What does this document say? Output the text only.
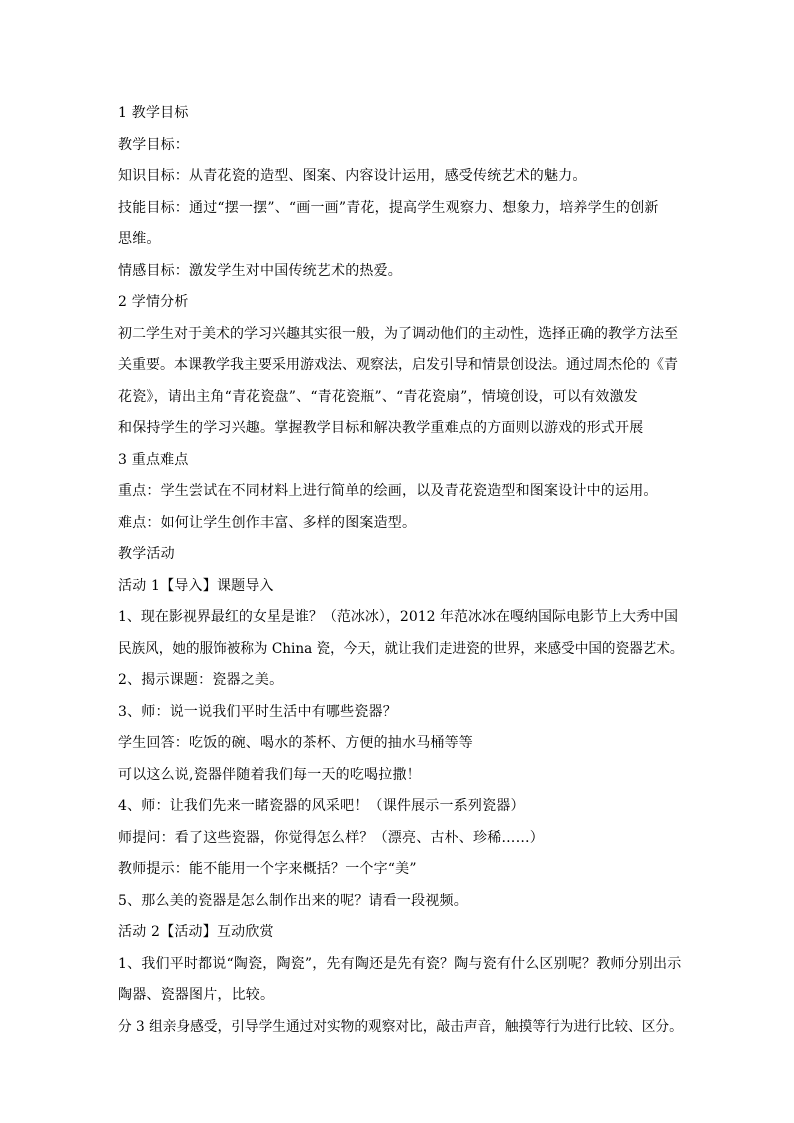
1 教学目标

教学目标：

知识目标：从青花瓷的造型、图案、内容设计运用，感受传统艺术的魅力。

技能目标：通过“摆一摆”、“画一画”青花，提高学生观察力、想象力，培养学生的创新

思维。

情感目标：激发学生对中国传统艺术的热爱。

2 学情分析

初二学生对于美术的学习兴趣其实很一般，为了调动他们的主动性，选择正确的教学方法至

关重要。本课教学我主要采用游戏法、观察法，启发引导和情景创设法。通过周杰伦的《青

花瓷》，请出主角“青花瓷盘”、“青花瓷瓶”、“青花瓷扇”，情境创设，可以有效激发

和保持学生的学习兴趣。掌握教学目标和解决教学重难点的方面则以游戏的形式开展

3 重点难点

重点：学生尝试在不同材料上进行简单的绘画，以及青花瓷造型和图案设计中的运用。

难点：如何让学生创作丰富、多样的图案造型。

教学活动

活动 1【导入】课题导入

1、现在影视界最红的女星是谁？（范冰冰），2012 年范冰冰在嘎纳国际电影节上大秀中国

民族风，她的服饰被称为 China 瓷，今天，就让我们走进瓷的世界，来感受中国的瓷器艺术。

2、揭示课题：瓷器之美。

3、师：说一说我们平时生活中有哪些瓷器？

学生回答：吃饭的碗、喝水的茶杯、方便的抽水马桶等等

可以这么说,瓷器伴随着我们每一天的吃喝拉撒！

4、师：让我们先来一睹瓷器的风采吧！（课件展示一系列瓷器）

师提问：看了这些瓷器，你觉得怎么样？（漂亮、古朴、珍稀……）

教师提示：能不能用一个字来概括？一个字“美”

5、那么美的瓷器是怎么制作出来的呢？请看一段视频。

活动 2【活动】互动欣赏

1、我们平时都说“陶瓷，陶瓷”，先有陶还是先有瓷？陶与瓷有什么区别呢？教师分别出示

陶器、瓷器图片，比较。

分 3 组亲身感受，引导学生通过对实物的观察对比，敲击声音，触摸等行为进行比较、区分。
